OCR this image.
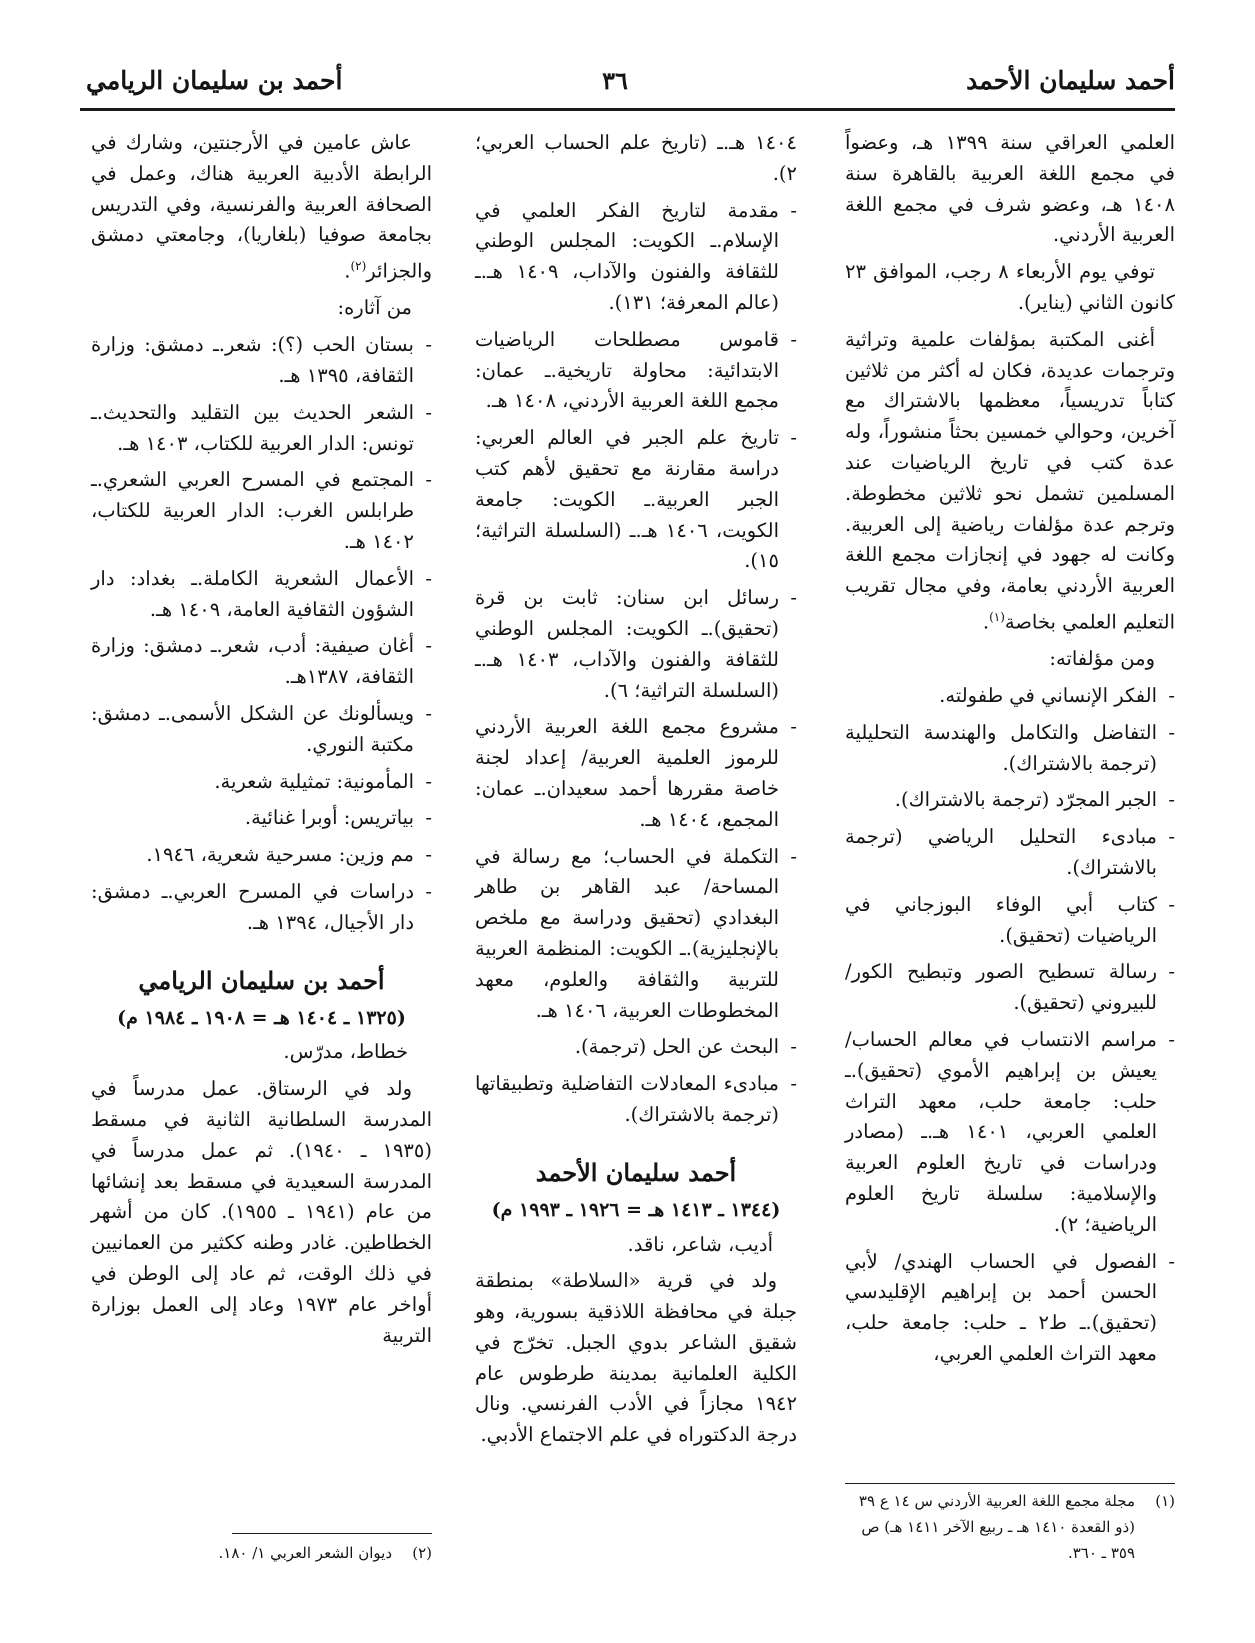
أحمد سليمان الأحمد
٣٦
أحمد بن سليمان الريامي

العلمي العراقي سنة ١٣٩٩ هـ، وعضواً في مجمع اللغة العربية بالقاهرة سنة ١٤٠٨ هـ، وعضو شرف في مجمع اللغة العربية الأردني.

توفي يوم الأربعاء ٨ رجب، الموافق ٢٣ كانون الثاني (يناير).

أغنى المكتبة بمؤلفات علمية وتراثية وترجمات عديدة، فكان له أكثر من ثلاثين كتاباً تدريسياً، معظمها بالاشتراك مع آخرين، وحوالي خمسين بحثاً منشوراً، وله عدة كتب في تاريخ الرياضيات عند المسلمين تشمل نحو ثلاثين مخطوطة. وترجم عدة مؤلفات رياضية إلى العربية. وكانت له جهود في إنجازات مجمع اللغة العربية الأردني بعامة، وفي مجال تقريب التعليم العلمي بخاصة$^{(١)}$.

ومن مؤلفاته:

- الفكر الإنساني في طفولته.
- التفاضل والتكامل والهندسة التحليلية (ترجمة بالاشتراك).
- الجبر المجرّد (ترجمة بالاشتراك).
- مبادىء التحليل الرياضي (ترجمة بالاشتراك).
- كتاب أبي الوفاء البوزجاني في الرياضيات (تحقيق).
- رسالة تسطيح الصور وتبطيح الكور/ للبيروني (تحقيق).
- مراسم الانتساب في معالم الحساب/ يعيش بن إبراهيم الأموي (تحقيق).ـ حلب: جامعة حلب، معهد التراث العلمي العربي، ١٤٠١ هـ.ـ (مصادر ودراسات في تاريخ العلوم العربية والإسلامية: سلسلة تاريخ العلوم الرياضية؛ ٢).
- الفصول في الحساب الهندي/ لأبي الحسن أحمد بن إبراهيم الإقليدسي (تحقيق).ـ ط٢ ـ حلب: جامعة حلب، معهد التراث العلمي العربي،

١٤٠٤ هـ.ـ (تاريخ علم الحساب العربي؛ ٢).

- مقدمة لتاريخ الفكر العلمي في الإسلام.ـ الكويت: المجلس الوطني للثقافة والفنون والآداب، ١٤٠٩ هـ.ـ (عالم المعرفة؛ ١٣١).
- قاموس مصطلحات الرياضيات الابتدائية: محاولة تاريخية.ـ عمان: مجمع اللغة العربية الأردني، ١٤٠٨ هـ.
- تاريخ علم الجبر في العالم العربي: دراسة مقارنة مع تحقيق لأهم كتب الجبر العربية.ـ الكويت: جامعة الكويت، ١٤٠٦ هـ.ـ (السلسلة التراثية؛ ١٥).
- رسائل ابن سنان: ثابت بن قرة (تحقيق).ـ الكويت: المجلس الوطني للثقافة والفنون والآداب، ١٤٠٣ هـ.ـ (السلسلة التراثية؛ ٦).
- مشروع مجمع اللغة العربية الأردني للرموز العلمية العربية/ إعداد لجنة خاصة مقررها أحمد سعيدان.ـ عمان: المجمع، ١٤٠٤ هـ.
- التكملة في الحساب؛ مع رسالة في المساحة/ عبد القاهر بن طاهر البغدادي (تحقيق ودراسة مع ملخص بالإنجليزية).ـ الكويت: المنظمة العربية للتربية والثقافة والعلوم، معهد المخطوطات العربية، ١٤٠٦ هـ.
- البحث عن الحل (ترجمة).
- مبادىء المعادلات التفاضلية وتطبيقاتها (ترجمة بالاشتراك).
أحمد سليمان الأحمد
(١٣٤٤ ـ ١٤١٣ هـ = ١٩٢٦ ـ ١٩٩٣ م)

أديب، شاعر، ناقد.

ولد في قرية «السلاطة» بمنطقة جبلة في محافظة اللاذقية بسورية، وهو شقيق الشاعر بدوي الجبل. تخرّج في الكلية العلمانية بمدينة طرطوس عام ١٩٤٢ مجازاً في الأدب الفرنسي. ونال درجة الدكتوراه في علم الاجتماع الأدبي.

عاش عامين في الأرجنتين، وشارك في الرابطة الأدبية العربية هناك، وعمل في الصحافة العربية والفرنسية، وفي التدريس بجامعة صوفيا (بلغاريا)، وجامعتي دمشق والجزائر$^{(٢)}$.

من آثاره:

- بستان الحب (؟): شعر.ـ دمشق: وزارة الثقافة، ١٣٩٥ هـ.
- الشعر الحديث بين التقليد والتحديث.ـ تونس: الدار العربية للكتاب، ١٤٠٣ هـ.
- المجتمع في المسرح العربي الشعري.ـ طرابلس الغرب: الدار العربية للكتاب، ١٤٠٢ هـ.
- الأعمال الشعرية الكاملة.ـ بغداد: دار الشؤون الثقافية العامة، ١٤٠٩ هـ.
- أغان صيفية: أدب، شعر.ـ دمشق: وزارة الثقافة، ١٣٨٧هـ.
- ويسألونك عن الشكل الأسمى.ـ دمشق: مكتبة النوري.
- المأمونية: تمثيلية شعرية.
- بياتريس: أوبرا غنائية.
- مم وزين: مسرحية شعرية، ١٩٤٦.
- دراسات في المسرح العربي.ـ دمشق: دار الأجيال، ١٣٩٤ هـ.
أحمد بن سليمان الريامي
(١٣٢٥ ـ ١٤٠٤ هـ = ١٩٠٨ ـ ١٩٨٤ م)

خطاط، مدرّس.

ولد في الرستاق. عمل مدرساً في المدرسة السلطانية الثانية في مسقط (١٩٣٥ ـ ١٩٤٠). ثم عمل مدرساً في المدرسة السعيدية في مسقط بعد إنشائها من عام (١٩٤١ ـ ١٩٥٥). كان من أشهر الخطاطين. غادر وطنه ككثير من العمانيين في ذلك الوقت، ثم عاد إلى الوطن في أواخر عام ١٩٧٣ وعاد إلى العمل بوزارة التربية

(١)
مجلة مجمع اللغة العربية الأردني س ١٤ ع ٣٩ (ذو القعدة ١٤١٠ هـ ـ ربيع الآخر ١٤١١ هـ) ص ٣٥٩ ـ ٣٦٠.
(٢)
ديوان الشعر العربي ١/ ١٨٠.
